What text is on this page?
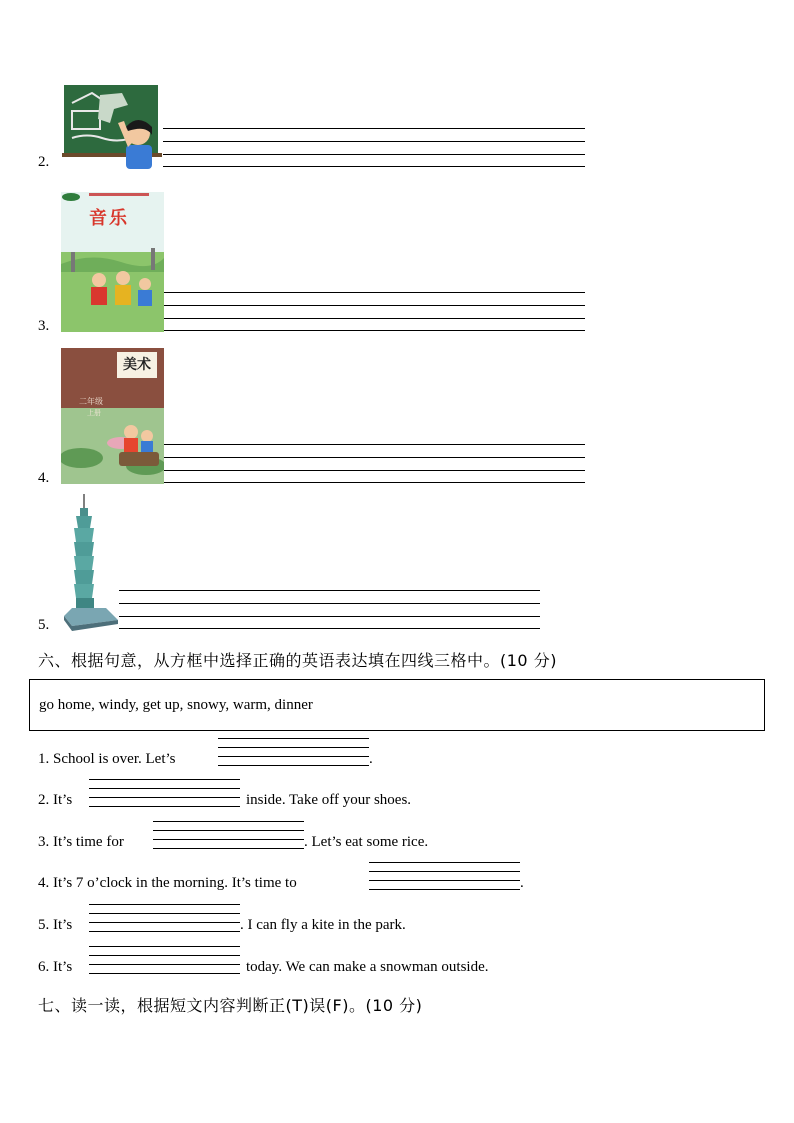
2.
3.
音乐
4.
美术
二年级
上册
5.
六、根据句意，从方框中选择正确的英语表达填在四线三格中。(10 分)
go home, windy, get up, snowy, warm, dinner
1. School is over. Let’s	.
2. It’s	inside. Take off your shoes.
3. It’s time for	. Let’s eat some rice.
4. It’s 7 o’clock in the morning. It’s time to	.
5. It’s	. I can fly a kite in the park.
6. It’s	today. We can make a snowman outside.
七、读一读，根据短文内容判断正(T)误(F)。(10 分)
